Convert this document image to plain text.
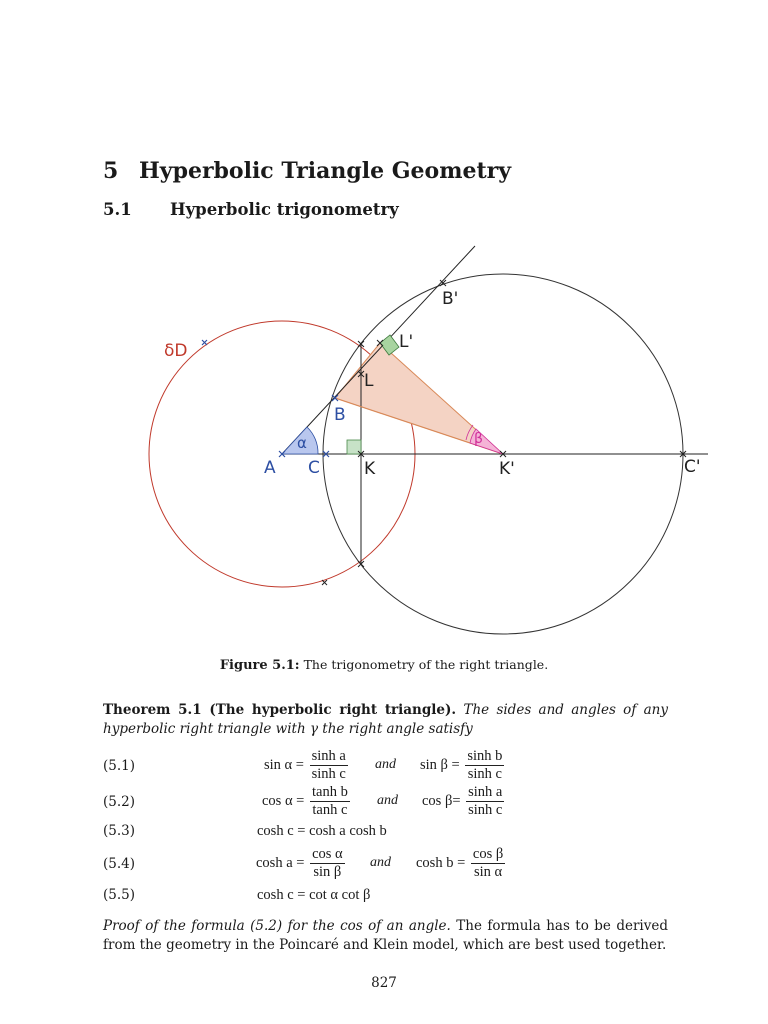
5 Hyperbolic Triangle Geometry
5.1 Hyperbolic trigonometry
δD
A C	K	K'	C'
B
L
L'
B'
α	β
Figure 5.1: The trigonometry of the right triangle.
Theorem 5.1 (The hyperbolic right triangle). The sides and angles of any hyperbolic right triangle with γ the right angle satisfy
(5.1)	$\sin \alpha = \frac{\text{sinh a}}{\text{sinh c}}$ and $\sin \beta = \frac{\text{sinh b}}{\text{sinh c}}$
(5.2)	$\cos \alpha = \frac{\text{tanh b}}{\text{tanh c}}$ and $\cos \beta= \frac{\text{sinh a}}{\text{sinh c}}$
(5.3)	cosh c = cosh a cosh b
(5.4)	$\cosh a = \frac{\text{cos α}}{\text{sin β}}$ and $\cosh b = \frac{\text{cos β}}{\text{sin α}}$
(5.5)	cosh c = cot α cot β
Proof of the formula (5.2) for the cos of an angle. The formula has to be derived from the geometry in the Poincaré and Klein model, which are best used together.
827
